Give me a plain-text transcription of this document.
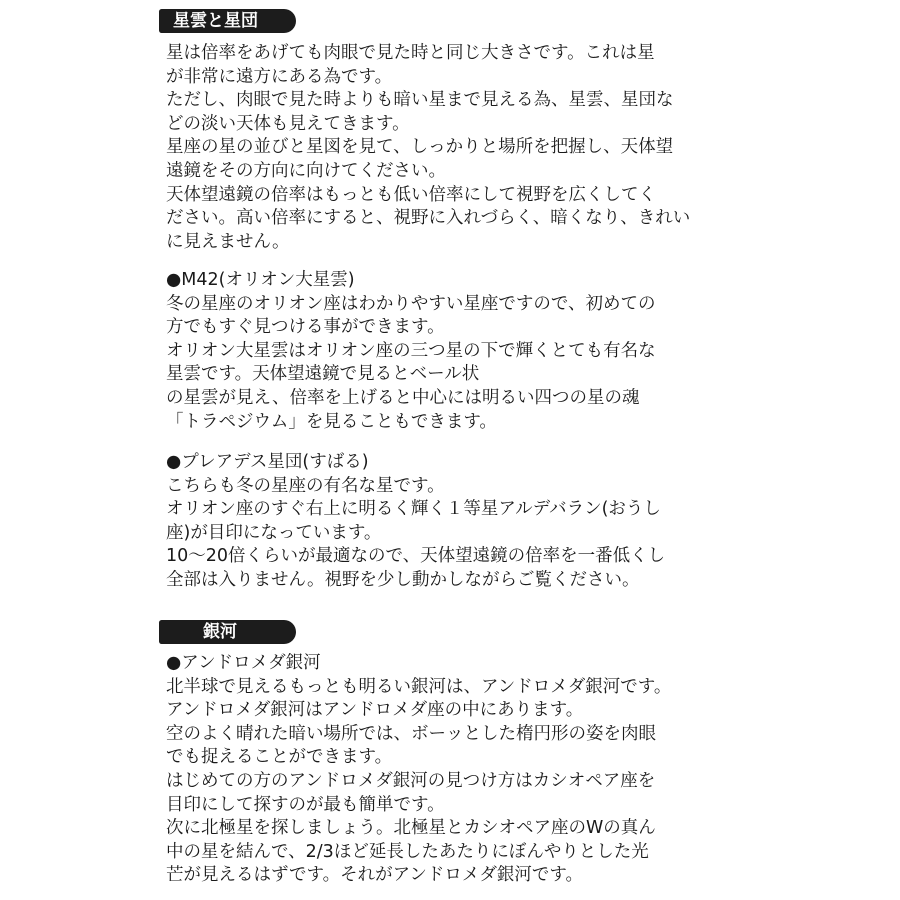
星雲と星団
星は倍率をあげても肉眼で見た時と同じ大きさです。これは星
が非常に遠方にある為です。
ただし、肉眼で見た時よりも暗い星まで見える為、星雲、星団な
どの淡い天体も見えてきます。
星座の星の並びと星図を見て、しっかりと場所を把握し、天体望
遠鏡をその方向に向けてください。
天体望遠鏡の倍率はもっとも低い倍率にして視野を広くしてく
ださい。高い倍率にすると、視野に入れづらく、暗くなり、きれい
に見えません。
●M42(オリオン大星雲)
冬の星座のオリオン座はわかりやすい星座ですので、初めての
方でもすぐ見つける事ができます。
オリオン大星雲はオリオン座の三つ星の下で輝くとても有名な
星雲です。天体望遠鏡で見るとベール状
の星雲が見え、倍率を上げると中心には明るい四つの星の魂
「トラペジウム」を見ることもできます。
●プレアデス星団(すばる)
こちらも冬の星座の有名な星です。
オリオン座のすぐ右上に明るく輝く１等星アルデバラン(おうし
座)が目印になっています。
10～20倍くらいが最適なので、天体望遠鏡の倍率を一番低くし
全部は入りません。視野を少し動かしながらご覧ください。
銀河
●アンドロメダ銀河
北半球で見えるもっとも明るい銀河は、アンドロメダ銀河です。
アンドロメダ銀河はアンドロメダ座の中にあります。
空のよく晴れた暗い場所では、ボーッとした楕円形の姿を肉眼
でも捉えることができます。
はじめての方のアンドロメダ銀河の見つけ方はカシオペア座を
目印にして探すのが最も簡単です。
次に北極星を探しましょう。北極星とカシオペア座のWの真ん
中の星を結んで、2/3ほど延長したあたりにぼんやりとした光
芒が見えるはずです。それがアンドロメダ銀河です。
